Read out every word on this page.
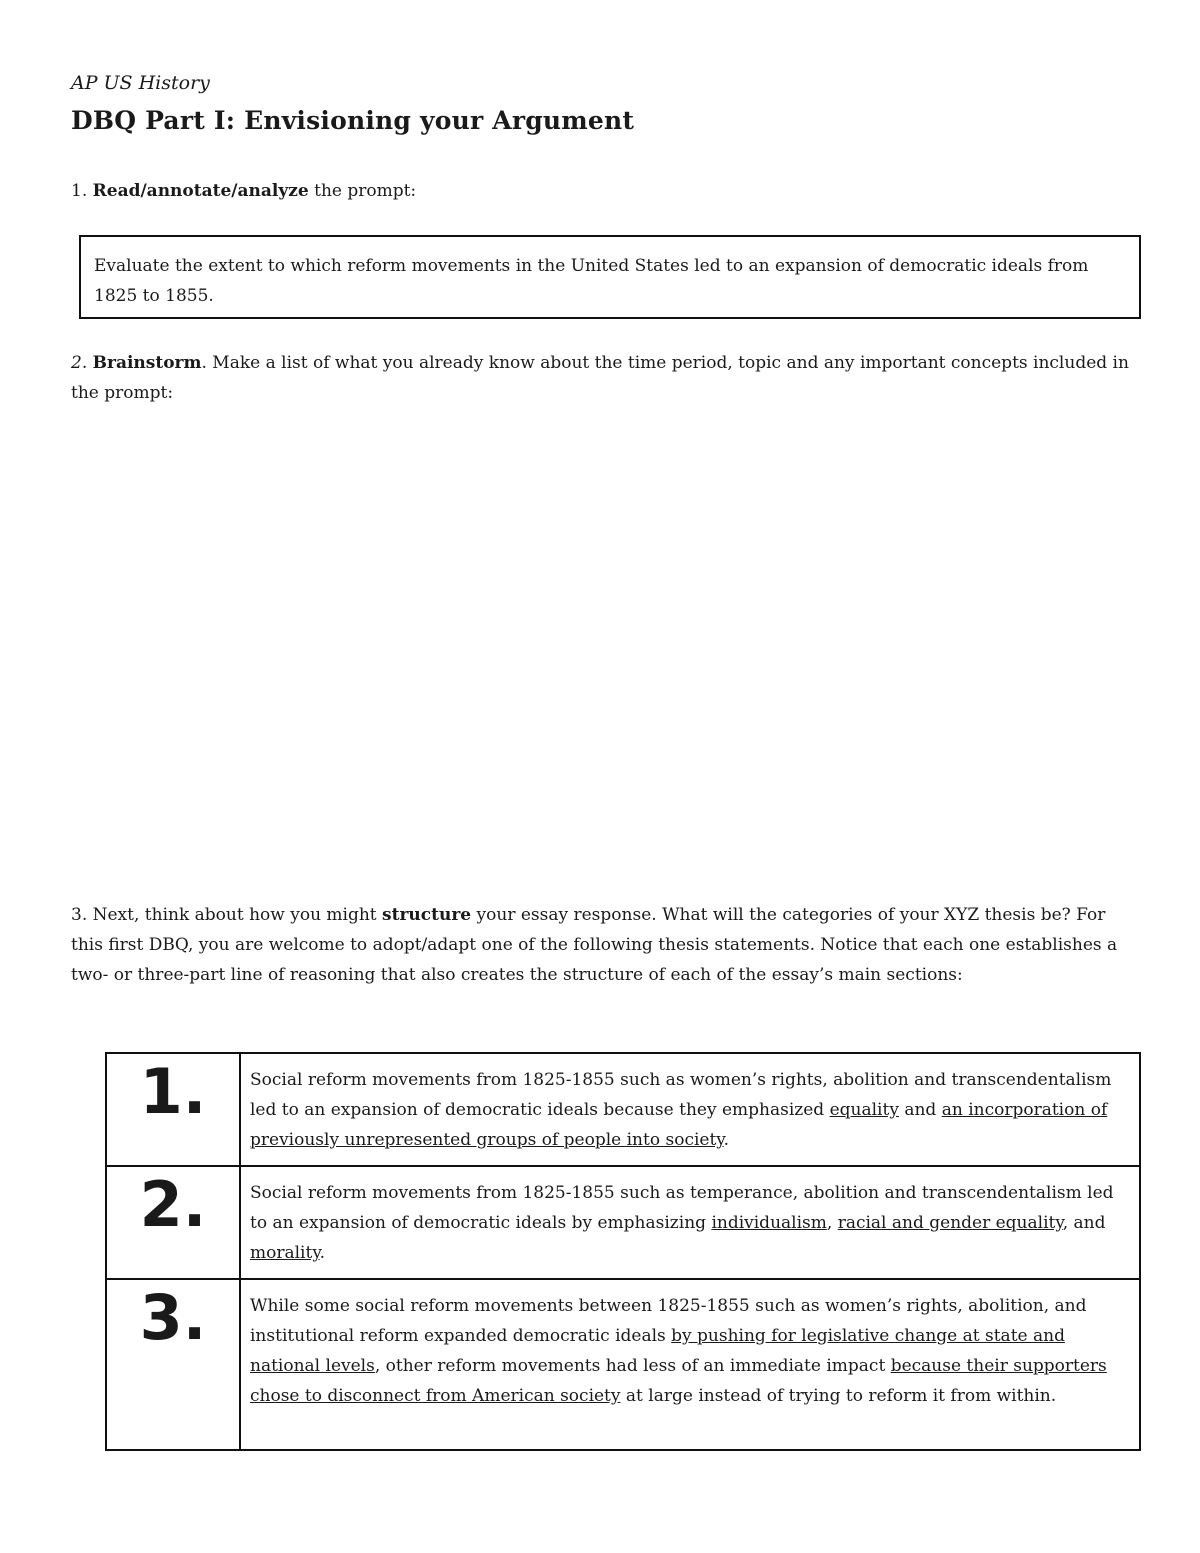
AP US History
DBQ Part I: Envisioning your Argument
1. Read/annotate/analyze the prompt:

Evaluate the extent to which reform movements in the United States led to an expansion of democratic ideals from 1825 to 1855.

2. Brainstorm. Make a list of what you already know about the time period, topic and any important concepts included in the prompt:
3. Next, think about how you might structure your essay response. What will the categories of your XYZ thesis be? For this first DBQ, you are welcome to adopt/adapt one of the following thesis statements. Notice that each one establishes a two- or three-part line of reasoning that also creates the structure of each of the essay’s main sections:
1.	Social reform movements from 1825-1855 such as women’s rights, abolition and transcendentalism led to an expansion of democratic ideals because they emphasized equality and an incorporation of previously unrepresented groups of people into society.
2.	Social reform movements from 1825-1855 such as temperance, abolition and transcendentalism led to an expansion of democratic ideals by emphasizing individualism, racial and gender equality, and morality.
3.	While some social reform movements between 1825-1855 such as women’s rights, abolition, and institutional reform expanded democratic ideals by pushing for legislative change at state and national levels, other reform movements had less of an immediate impact because their supporters chose to disconnect from American society at large instead of trying to reform it from within.
